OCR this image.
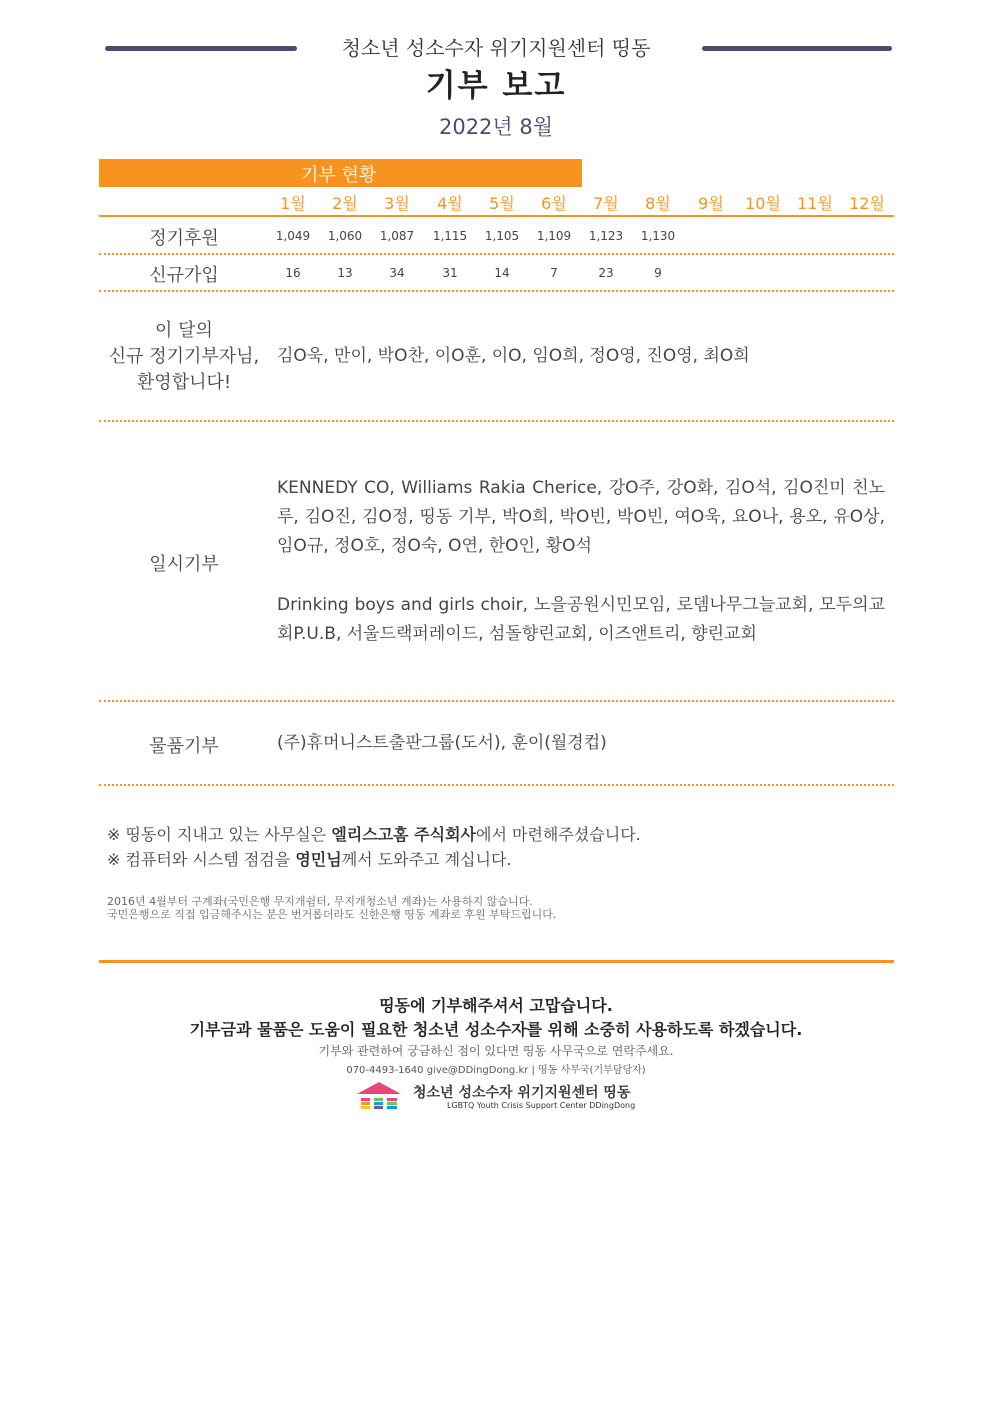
청소년 성소수자 위기지원센터 띵동
기부 보고
2022년 8월
기부 현황
1월	2월	3월	4월	5월	6월	7월	8월	9월	10월	11월	12월
정기후원	1,049	1,060	1,087	1,115	1,105	1,109	1,123	1,130
신규가입	16	13	34	31	14	7	23	9
이 달의
신규 정기기부자님,
환영합니다!
김O욱, 만이, 박O찬, 이O훈, 이O, 임O희, 정O영, 진O영, 최O희
일시기부
KENNEDY CO, Williams Rakia Cherice, 강O주, 강O화, 김O석, 김O진미 친노루, 김O진, 김O정, 띵동 기부, 박O희, 박O빈, 박O빈, 여O욱, 요O나, 용오, 유O상, 임O규, 정O호, 정O숙, O연, 한O인, 황O석
Drinking boys and girls choir, 노을공원시민모임, 로뎀나무그늘교회, 모두의교회P.U.B, 서울드랙퍼레이드, 섬돌향린교회, 이즈앤트리, 향린교회
물품기부	(주)휴머니스트출판그룹(도서), 훈이(월경컵)
※ 띵동이 지내고 있는 사무실은 엘리스고홈 주식회사에서 마련해주셨습니다.
※ 컴퓨터와 시스템 점검을 영민님께서 도와주고 계십니다.
2016년 4월부터 구계좌(국민은행 무지개쉼터, 무지개청소년 계좌)는 사용하지 않습니다.
국민은행으로 직접 입금해주시는 분은 번거롭더라도 신한은행 띵동 계좌로 후원 부탁드립니다.
띵동에 기부해주셔서 고맙습니다.
기부금과 물품은 도움이 필요한 청소년 성소수자를 위해 소중히 사용하도록 하겠습니다.
기부와 관련하여 궁금하신 점이 있다면 띵동 사무국으로 연락주세요.
070-4493-1640 give@DDingDong.kr | 띵동 사무국(기부담당자)
청소년 성소수자 위기지원센터 띵동
LGBTQ Youth Crisis Support Center DDingDong
